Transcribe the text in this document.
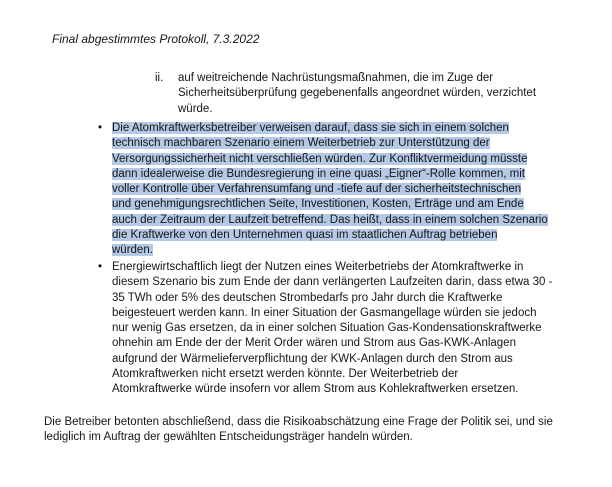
Final abgestimmtes Protokoll, 7.3.2022
ii. auf weitreichende Nachrüstungsmaßnahmen, die im Zuge der
Sicherheitsüberprüfung gegebenenfalls angeordnet würden, verzichtet
würde.
• Die Atomkraftwerksbetreiber verweisen darauf, dass sie sich in einem solchen
technisch machbaren Szenario einem Weiterbetrieb zur Unterstützung der
Versorgungssicherheit nicht verschließen würden. Zur Konfliktvermeidung müsste
dann idealerweise die Bundesregierung in eine quasi „Eigner“-Rolle kommen, mit
voller Kontrolle über Verfahrensumfang und -tiefe auf der sicherheitstechnischen
und genehmigungsrechtlichen Seite, Investitionen, Kosten, Erträge und am Ende
auch der Zeitraum der Laufzeit betreffend. Das heißt, dass in einem solchen Szenario
die Kraftwerke von den Unternehmen quasi im staatlichen Auftrag betrieben
würden.
• Energiewirtschaftlich liegt der Nutzen eines Weiterbetriebs der Atomkraftwerke in
diesem Szenario bis zum Ende der dann verlängerten Laufzeiten darin, dass etwa 30 -
35 TWh oder 5% des deutschen Strombedarfs pro Jahr durch die Kraftwerke
beigesteuert werden kann. In einer Situation der Gasmangellage würden sie jedoch
nur wenig Gas ersetzen, da in einer solchen Situation Gas-Kondensationskraftwerke
ohnehin am Ende der der Merit Order wären und Strom aus Gas-KWK-Anlagen
aufgrund der Wärmelieferverpflichtung der KWK-Anlagen durch den Strom aus
Atomkraftwerken nicht ersetzt werden könnte. Der Weiterbetrieb der
Atomkraftwerke würde insofern vor allem Strom aus Kohlekraftwerken ersetzen.
Die Betreiber betonten abschließend, dass die Risikoabschätzung eine Frage der Politik sei, und sie
lediglich im Auftrag der gewählten Entscheidungsträger handeln würden.
